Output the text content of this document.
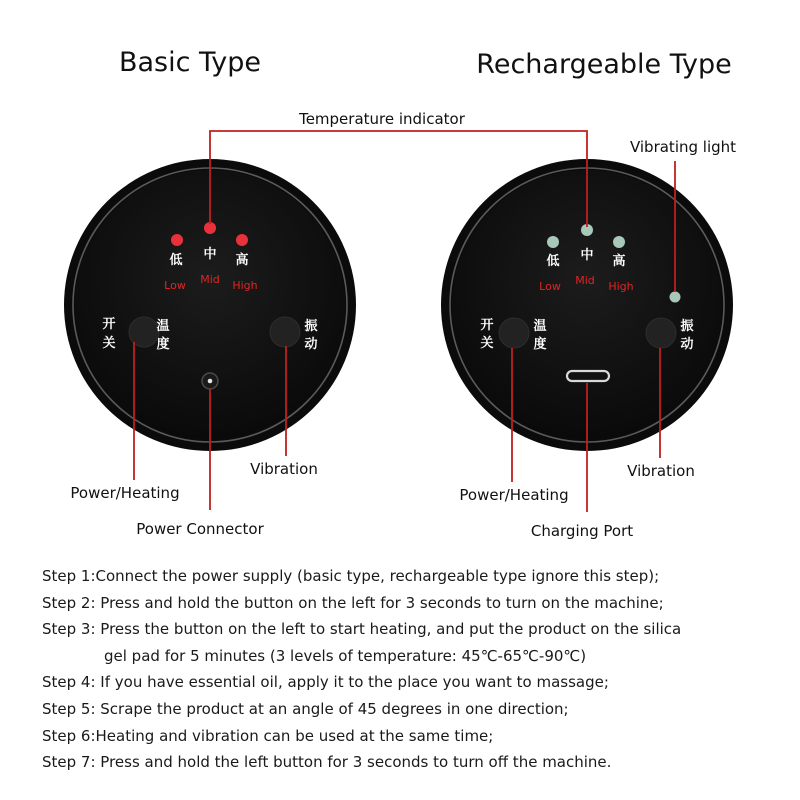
Basic Type	Rechargeable Type
低 中 高
Low Mid High
开
关
温
度
振
动
低 中 高
Low Mid High
开
关
温
度
振
动
Temperature indicator
Vibrating light
Power/Heating
Vibration
Power Connector
Power/Heating
Vibration
Charging Port
Step 1:Connect the power supply (basic type, rechargeable type ignore this step);
Step 2: Press and hold the button on the left for 3 seconds to turn on the machine;
Step 3: Press the button on the left to start heating, and put the product on the silica
gel pad for 5 minutes (3 levels of temperature: 45℃-65℃-90℃)
Step 4: If you have essential oil, apply it to the place you want to massage;
Step 5: Scrape the product at an angle of 45 degrees in one direction;
Step 6:Heating and vibration can be used at the same time;
Step 7: Press and hold the left button for 3 seconds to turn off the machine.
